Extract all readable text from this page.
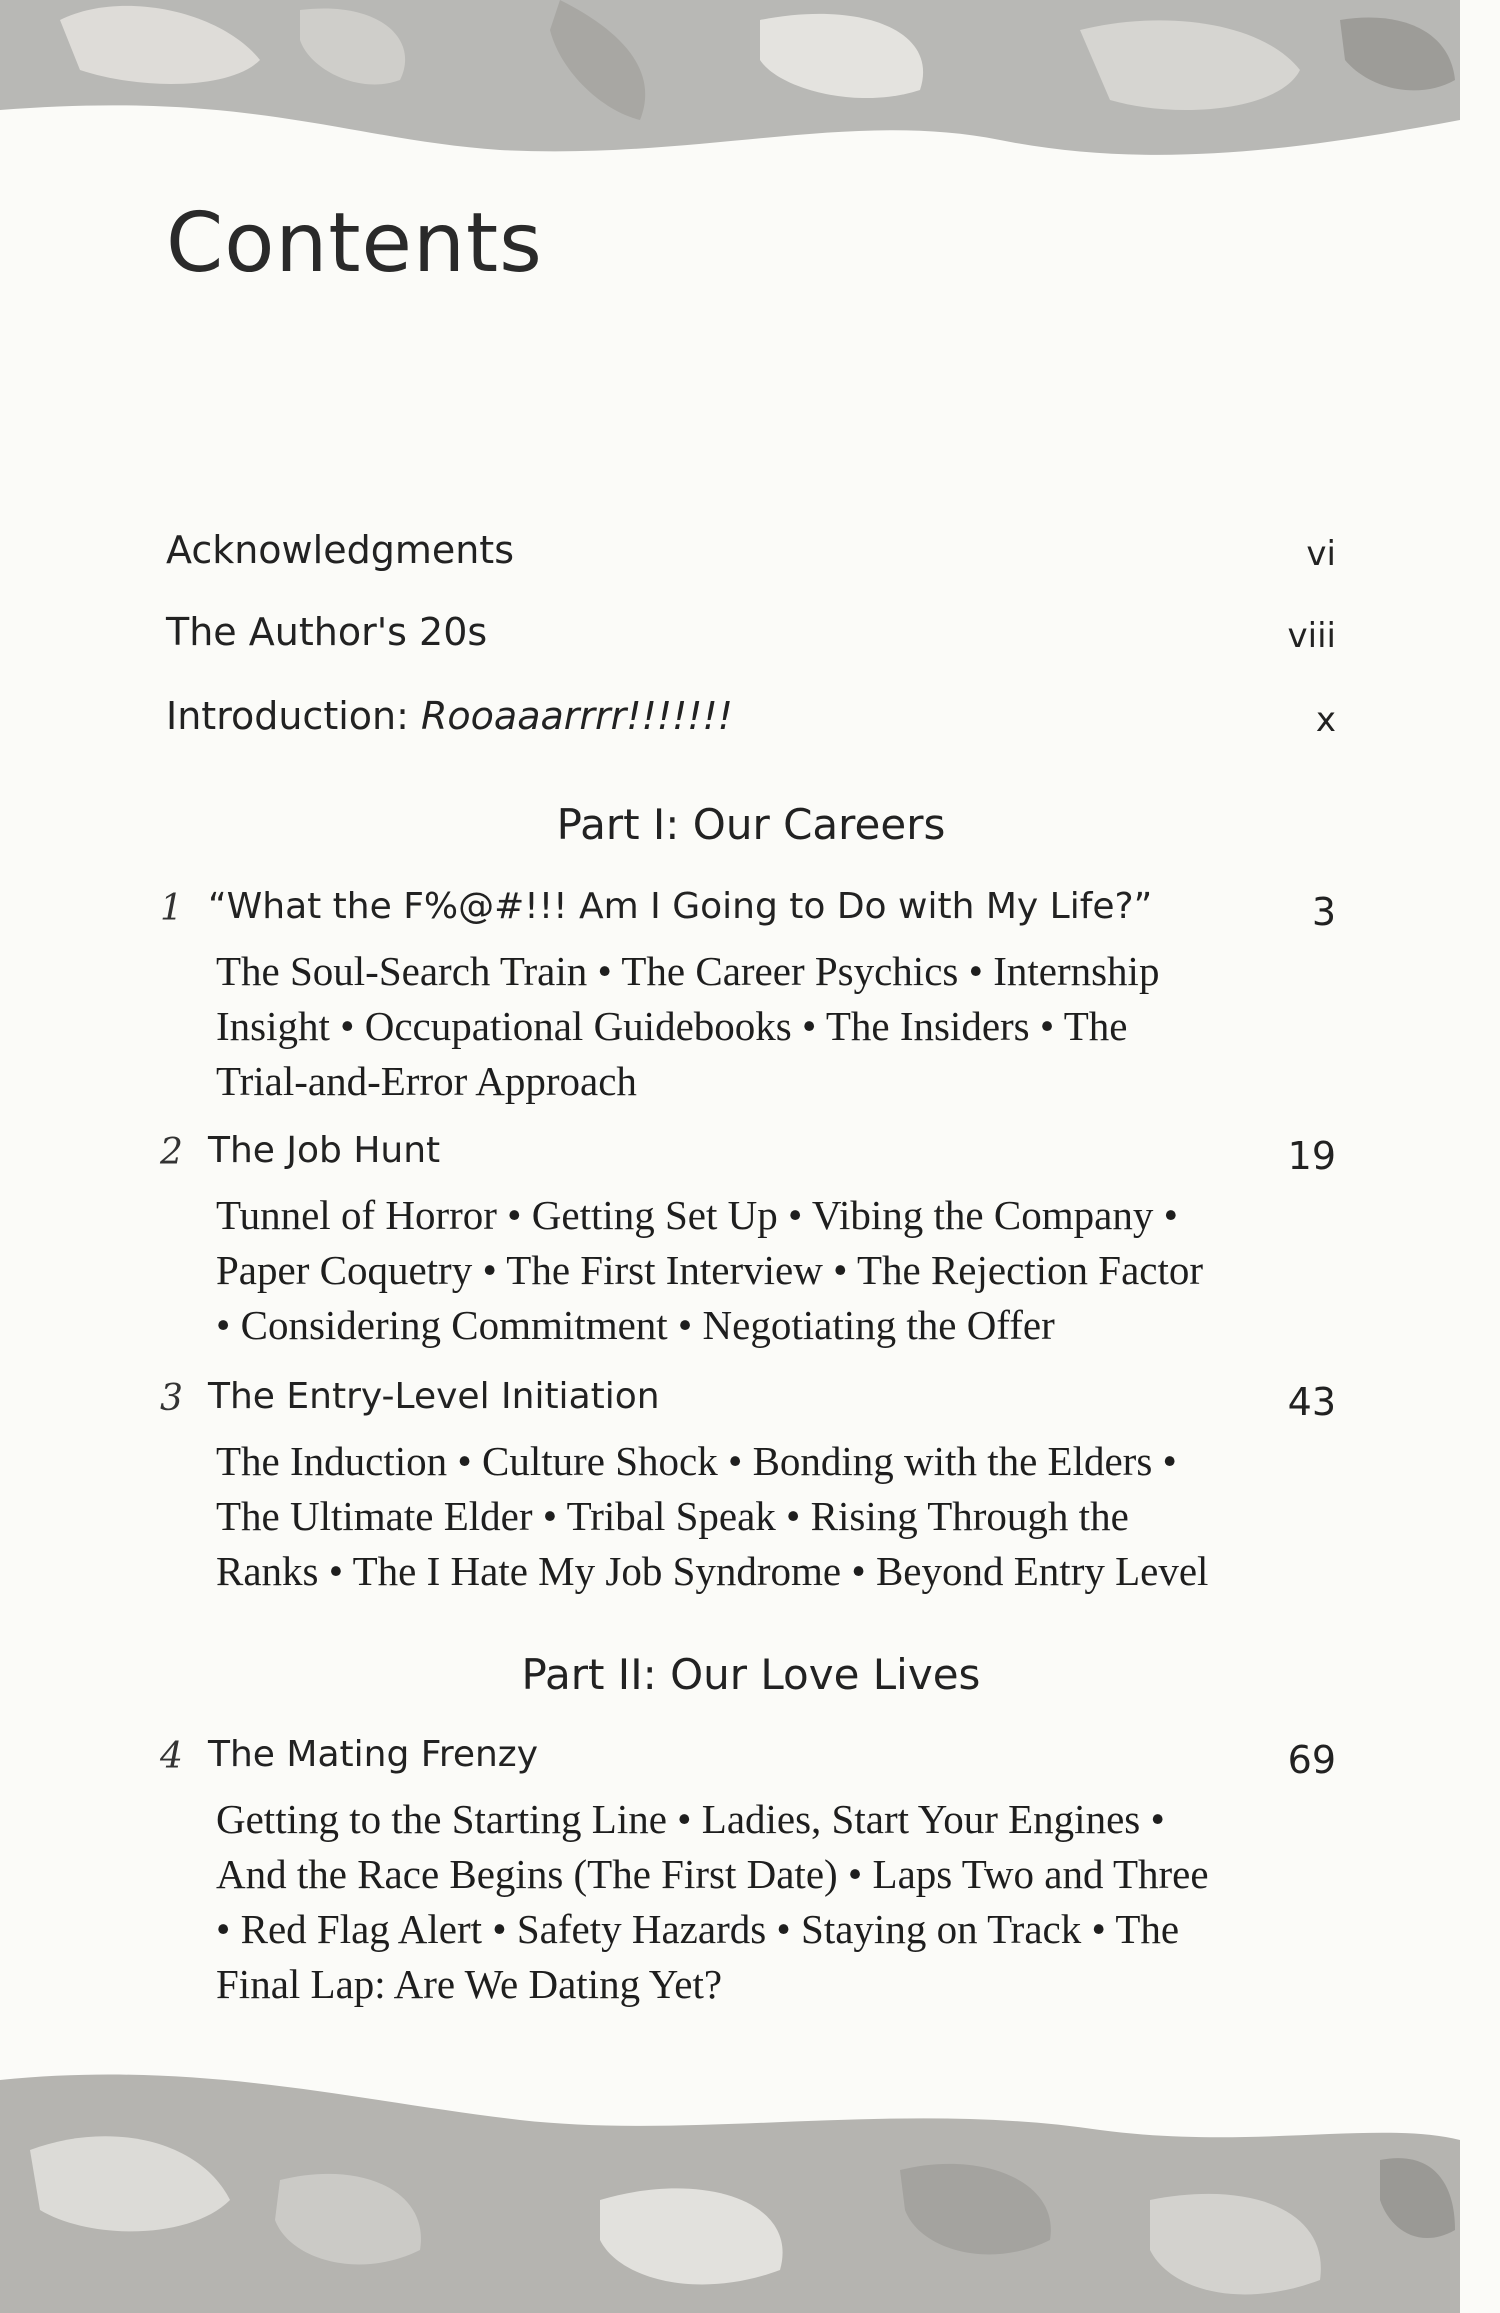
Contents
Acknowledgments	vi
The Author's 20s	viii
Introduction: Rooaaarrrr!!!!!!!	x
Part I: Our Careers
1 “What the F%@#!!! Am I Going to Do with My Life?”	3
The Soul-Search Train • The Career Psychics • Internship
Insight • Occupational Guidebooks • The Insiders • The
Trial-and-Error Approach
2 The Job Hunt	19
Tunnel of Horror • Getting Set Up • Vibing the Company •
Paper Coquetry • The First Interview • The Rejection Factor
• Considering Commitment • Negotiating the Offer
3 The Entry-Level Initiation	43
The Induction • Culture Shock • Bonding with the Elders •
The Ultimate Elder • Tribal Speak • Rising Through the
Ranks • The I Hate My Job Syndrome • Beyond Entry Level
Part II: Our Love Lives
4 The Mating Frenzy	69
Getting to the Starting Line • Ladies, Start Your Engines •
And the Race Begins (The First Date) • Laps Two and Three
• Red Flag Alert • Safety Hazards • Staying on Track • The
Final Lap: Are We Dating Yet?
